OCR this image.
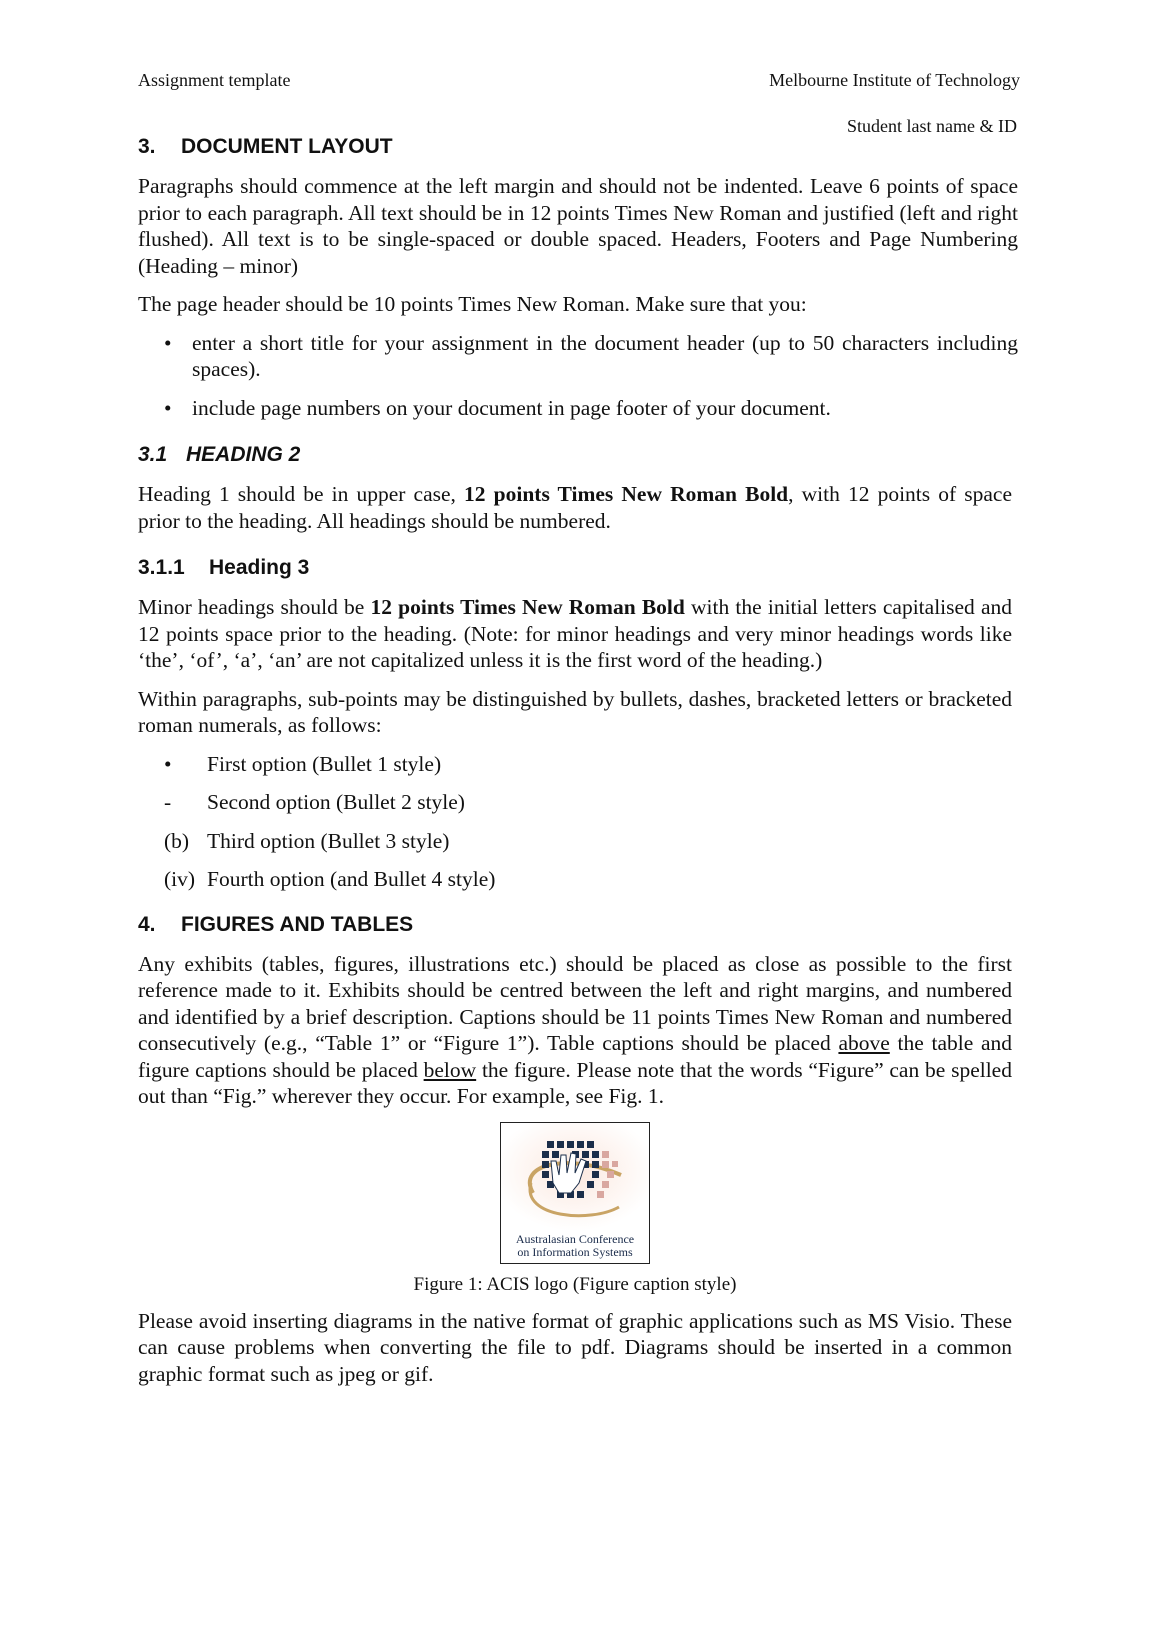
Assignment template	Melbourne Institute of Technology
Student last name & ID
3.	DOCUMENT LAYOUT

Paragraphs should commence at the left margin and should not be indented. Leave 6 points of space prior to each paragraph. All text should be in 12 points Times New Roman and justified (left and right flushed). All text is to be single-spaced or double spaced. Headers, Footers and Page Numbering (Heading – minor)

The page header should be 10 points Times New Roman. Make sure that you:

• enter a short title for your assignment in the document header (up to 50 characters including spaces).
• include page numbers on your document in page footer of your document.
3.1 HEADING 2

Heading 1 should be in upper case, 12 points Times New Roman Bold, with 12 points of space prior to the heading. All headings should be numbered.

3.1.1	Heading 3

Minor headings should be 12 points Times New Roman Bold with the initial letters capitalised and 12 points space prior to the heading. (Note: for minor headings and very minor headings words like ‘the’, ‘of’, ‘a’, ‘an’ are not capitalized unless it is the first word of the heading.)

Within paragraphs, sub-points may be distinguished by bullets, dashes, bracketed letters or bracketed roman numerals, as follows:

• First option (Bullet 1 style)
- Second option (Bullet 2 style)
(b) Third option (Bullet 3 style)
(iv) Fourth option (and Bullet 4 style)
4.	FIGURES AND TABLES

Any exhibits (tables, figures, illustrations etc.) should be placed as close as possible to the first reference made to it. Exhibits should be centred between the left and right margins, and numbered and identified by a brief description. Captions should be 11 points Times New Roman and numbered consecutively (e.g., “Table 1” or “Figure 1”). Table captions should be placed above the table and figure captions should be placed below the figure. Please note that the words “Figure” can be spelled out than “Fig.” wherever they occur. For example, see Fig. 1.

Australasian Conference
on Information Systems
Figure 1: ACIS logo (Figure caption style)

Please avoid inserting diagrams in the native format of graphic applications such as MS Visio. These can cause problems when converting the file to pdf. Diagrams should be inserted in a common graphic format such as jpeg or gif.
